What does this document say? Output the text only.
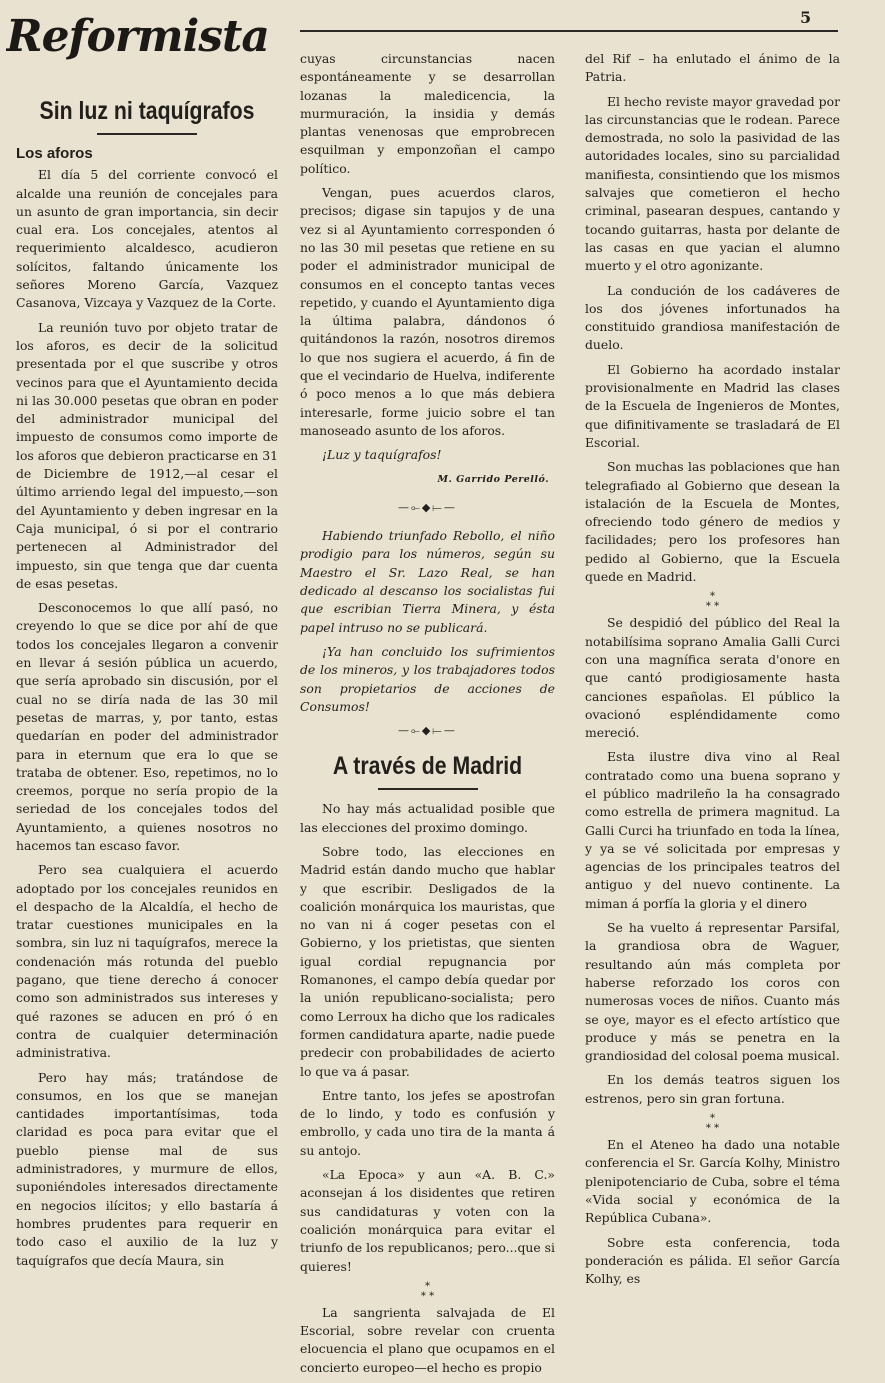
Reformista	5
Sin luz ni taquígrafos
Los aforos

El día 5 del corriente convocó el alcalde una reunión de concejales para un asunto de gran importancia, sin decir cual era. Los concejales, atentos al requerimiento alcaldesco, acudieron solícitos, faltando únicamente los señores Moreno García, Vazquez Casanova, Vizcaya y Vazquez de la Corte.

La reunión tuvo por objeto tratar de los aforos, es decir de la solicitud presentada por el que suscribe y otros vecinos para que el Ayuntamiento decida ni las 30.000 pesetas que obran en poder del administrador municipal del impuesto de consumos como importe de los aforos que debieron practicarse en 31 de Diciembre de 1912,—al cesar el último arriendo legal del impuesto,—son del Ayuntamiento y deben ingresar en la Caja municipal, ó si por el contrario pertenecen al Administrador del impuesto, sin que tenga que dar cuenta de esas pesetas.

Desconocemos lo que allí pasó, no creyendo lo que se dice por ahí de que todos los concejales llegaron a convenir en llevar á sesión pública un acuerdo, que sería aprobado sin discusión, por el cual no se diría nada de las 30 mil pesetas de marras, y, por tanto, estas quedarían en poder del administrador para in eternum que era lo que se trataba de obtener. Eso, repetimos, no lo creemos, porque no sería propio de la seriedad de los concejales todos del Ayuntamiento, a quienes nosotros no hacemos tan escaso favor.

Pero sea cualquiera el acuerdo adoptado por los concejales reunidos en el despacho de la Alcaldía, el hecho de tratar cuestiones municipales en la sombra, sin luz ni taquígrafos, merece la condenación más rotunda del pueblo pagano, que tiene derecho á conocer como son administrados sus intereses y qué razones se aducen en pró ó en contra de cualquier determinación administrativa.

Pero hay más; tratándose de consumos, en los que se manejan cantidades importantísimas, toda claridad es poca para evitar que el pueblo piense mal de sus administradores, y murmure de ellos, suponiéndoles interesados directamente en negocios ilícitos; y ello bastaría á hombres prudentes para requerir en todo caso el auxilio de la luz y taquígrafos que decía Maura, sin

cuyas circunstancias nacen espontáneamente y se desarrollan lozanas la maledicencia, la murmuración, la insidia y demás plantas venenosas que emprobrecen esquilman y emponzoñan el campo político.

Vengan, pues acuerdos claros, precisos; digase sin tapujos y de una vez si al Ayuntamiento corresponden ó no las 30 mil pesetas que retiene en su poder el administrador municipal de consumos en el concepto tantas veces repetido, y cuando el Ayuntamiento diga la última palabra, dándonos ó quitándonos la razón, nosotros diremos lo que nos sugiera el acuerdo, á fin de que el vecindario de Huelva, indiferente ó poco menos a lo que más debiera interesarle, forme juicio sobre el tan manoseado asunto de los aforos.

¡Luz y taquígrafos!

M. Garrido Perelló.
—⟜◆⟝—

Habiendo triunfado Rebollo, el niño prodigio para los números, según su Maestro el Sr. Lazo Real, se han dedicado al descanso los socialistas fui que escribian Tierra Minera, y ésta papel intruso no se publicará.

¡Ya han concluido los sufrimientos de los mineros, y los trabajadores todos son propietarios de acciones de Consumos!

—⟜◆⟝—
A través de Madrid

No hay más actualidad posible que las elecciones del proximo domingo.

Sobre todo, las elecciones en Madrid están dando mucho que hablar y que escribir. Desligados de la coalición monárquica los mauristas, que no van ni á coger pesetas con el Gobierno, y los prietistas, que sienten igual cordial repugnancia por Romanones, el campo debía quedar por la unión republicano-socialista; pero como Lerroux ha dicho que los radicales formen candidatura aparte, nadie puede predecir con probabilidades de acierto lo que va á pasar.

Entre tanto, los jefes se apostrofan de lo lindo, y todo es confusión y embrollo, y cada uno tira de la manta á su antojo.

«La Epoca» y aun «A. B. C.» aconsejan á los disidentes que retiren sus candidaturas y voten con la coalición monárquica para evitar el triunfo de los republicanos; pero...que si quieres!

*
* *

La sangrienta salvajada de El Escorial, sobre revelar con cruenta elocuencia el plano que ocupamos en el concierto europeo—el hecho es propio

del Rif – ha enlutado el ánimo de la Patria.

El hecho reviste mayor gravedad por las circunstancias que le rodean. Parece demostrada, no solo la pasividad de las autoridades locales, sino su parcialidad manifiesta, consintiendo que los mismos salvajes que cometieron el hecho criminal, pasearan despues, cantando y tocando guitarras, hasta por delante de las casas en que yacian el alumno muerto y el otro agonizante.

La condución de los cadáveres de los dos jóvenes infortunados ha constituido grandiosa manifestación de duelo.

El Gobierno ha acordado instalar provisionalmente en Madrid las clases de la Escuela de Ingenieros de Montes, que difinitivamente se trasladará de El Escorial.

Son muchas las poblaciones que han telegrafiado al Gobierno que desean la istalación de la Escuela de Montes, ofreciendo todo género de medios y facilidades; pero los profesores han pedido al Gobierno, que la Escuela quede en Madrid.

*
* *

Se despidió del público del Real la notabilísima soprano Amalia Galli Curci con una magnífica serata d'onore en que cantó prodigiosamente hasta canciones españolas. El público la ovacionó espléndidamente como mereció.

Esta ilustre diva vino al Real contratado como una buena soprano y el público madrileño la ha consagrado como estrella de primera magnitud. La Galli Curci ha triunfado en toda la línea, y ya se vé solicitada por empresas y agencias de los principales teatros del antiguo y del nuevo continente. La miman á porfía la gloria y el dinero

Se ha vuelto á representar Parsifal, la grandiosa obra de Waguer, resultando aún más completa por haberse reforzado los coros con numerosas voces de niños. Cuanto más se oye, mayor es el efecto artístico que produce y más se penetra en la grandiosidad del colosal poema musical.

En los demás teatros siguen los estrenos, pero sin gran fortuna.

*
* *

En el Ateneo ha dado una notable conferencia el Sr. García Kolhy, Ministro plenipotenciario de Cuba, sobre el téma «Vida social y económica de la República Cubana».

Sobre esta conferencia, toda ponderación es pálida. El señor García Kolhy, es
